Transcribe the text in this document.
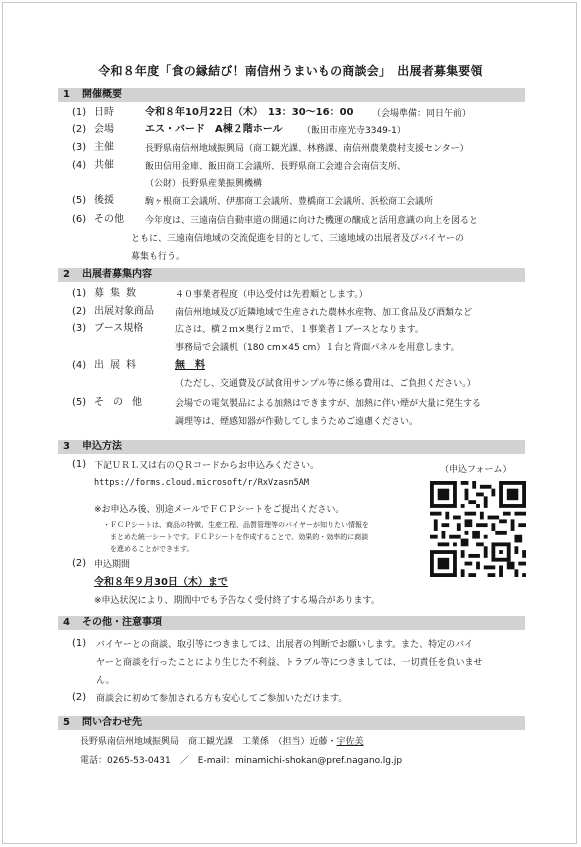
令和８年度「食の縁結び！南信州うまいもの商談会」　出展者募集要領
1 開催概要
(1) 日時	令和８年10月22日（木）　13：30～16：00 （会場準備：同日午前）
(2) 会場	エス・バード　A棟２階ホール （飯田市座光寺3349-1）
(3) 主催	長野県南信州地域振興局（商工観光課、林務課、南信州農業農村支援センター）
(4) 共催	飯田信用金庫、飯田商工会議所、長野県商工会連合会南信支所、
（公財）長野県産業振興機構
(5) 後援	駒ヶ根商工会議所、伊那商工会議所、豊橋商工会議所、浜松商工会議所
(6) その他 今年度は、三遠南信自動車道の開通に向けた機運の醸成と活用意識の向上を図ると
ともに、三遠南信地域の交流促進を目的として、三遠地域の出展者及びバイヤーの
募集も行う。
2 出展者募集内容
(1) 募集数	４０事業者程度（申込受付は先着順とします。）
(2) 出展対象商品 南信州地域及び近隣地域で生産された農林水産物、加工食品及び酒類など
(3) ブース規格	広さは、横２ｍ×奥行２ｍで、１事業者１ブースとなります。
事務局で会議机（180 cm×45 cm）１台と背面パネルを用意します。
(4) 出展料	無　料
（ただし、交通費及び試食用サンプル等に係る費用は、ご負担ください。）
(5) その他	会場での電気製品による加熱はできますが、加熱に伴い煙が大量に発生する
調理等は、煙感知器が作動してしまうためご遠慮ください。
3 申込方法
(1) 下記ＵＲＬ又は右のＱＲコードからお申込みください。
https://forms.cloud.microsoft/r/RxVzasn5AM
（申込フォーム）
※お申込み後、別途メールでＦＣＰシートをご提出ください。
・ＦＣＰシートは、商品の特徴、生産工程、品質管理等のバイヤーが知りたい情報を
まとめた統一シートです。ＦＣＰシートを作成することで、効果的・効率的に商談
を進めることができます。
(2) 申込期間
令和８年９月30日（木）まで
※申込状況により、期間中でも予告なく受付終了する場合があります。
4 その他・注意事項
(1) バイヤーとの商談、取引等につきましては、出展者の判断でお願いします。また、特定のバイ
ヤーと商談を行ったことにより生じた不利益、トラブル等につきましては、一切責任を負いませ
ん。
(2) 商談会に初めて参加される方も安心してご参加いただけます。
5 問い合わせ先
長野県南信州地域振興局　商工観光課　工業係　（担当）近藤・宇佐美
電話：0265-53-0431　／　E-mail：minamichi-shokan@pref.nagano.lg.jp
